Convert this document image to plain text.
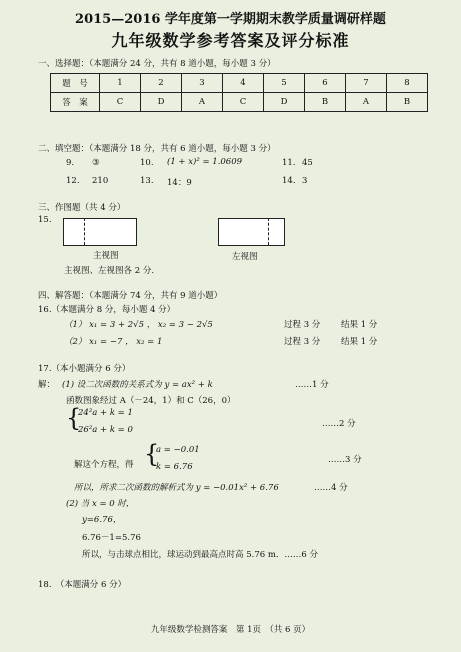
2015—2016 学年度第一学期期末教学质量调研样题
九年级数学参考答案及评分标准
一、选择题：（本题满分 24 分，共有 8 道小题，每小题 3 分）
题　号	1	2	3	4	5	6	7	8
答　案	C	D	A	C	D	B	A	B
二、填空题：（本题满分 18 分，共有 6 道小题，每小题 3 分）
9. ③	10. (1 + x)² = 1.0609	11. 45
12. 210	13. 14：9	14. 3
三、作图题（共 4 分）
15.
主视图	左视图
主视图、左视图各 2 分.
四、解答题：（本题满分 74 分，共有 9 道小题）
16.（本题满分 8 分，每小题 4 分）
（1） x₁ = 3 + 2√5 ， x₂ = 3 − 2√5	过程 3 分 结果 1 分
（2） x₁ = −7 ， x₂ = 1	过程 3 分 结果 1 分
17.（本小题满分 6 分）
解： (1) 设二次函数的关系式为 y = ax² + k	……1 分
函数图象经过 A（－24，1）和 C（26，0）
{
24²a + k = 1
26²a + k = 0
……2 分
解这个方程，得 {
a = −0.01
k = 6.76
……3 分
所以，所求二次函数的解析式为 y = −0.01x² + 6.76	……4 分
(2) 当 x = 0 时，
y=6.76，
6.76－1=5.76
所以，与击球点相比，球运动到最高点时高 5.76 m．……6 分
18.　（本题满分 6 分）
九年级数学检测答案　第 1页　（共 6 页）
